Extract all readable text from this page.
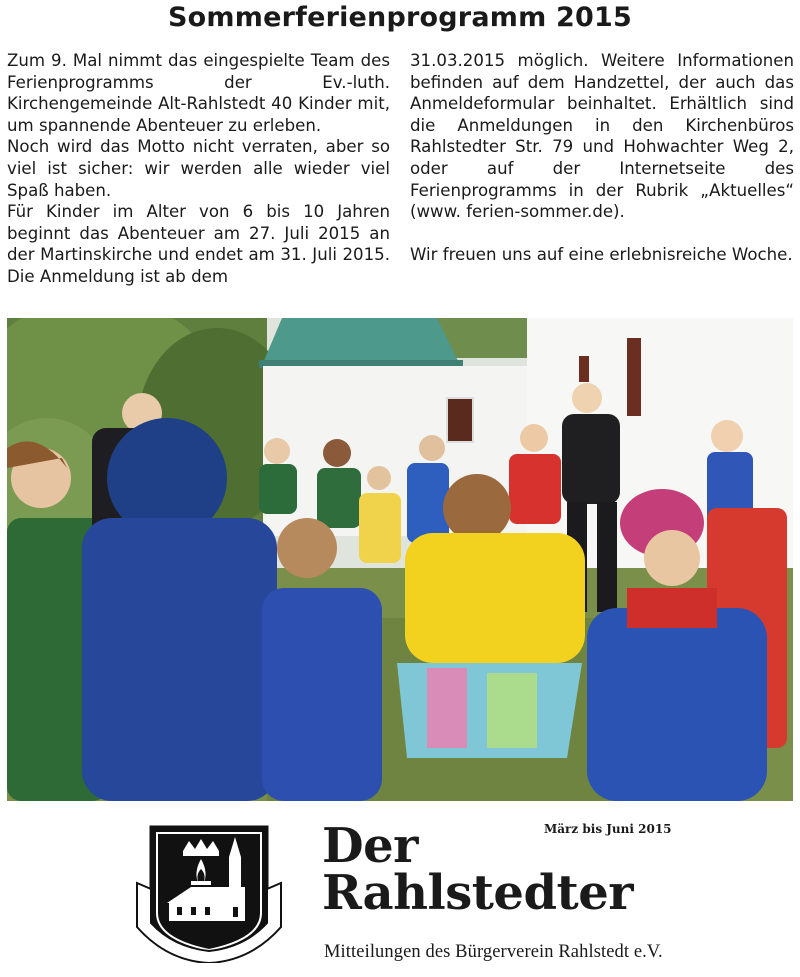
Sommerferienprogramm 2015

Zum 9. Mal nimmt das eingespielte Team des Ferienprogramms der Ev.-luth. Kirchengemeinde Alt-Rahlstedt 40 Kinder mit, um spannende Abenteuer zu erleben.

Noch wird das Motto nicht verraten, aber so viel ist sicher: wir werden alle wieder viel Spaß haben.

Für Kinder im Alter von 6 bis 10 Jahren beginnt das Abenteuer am 27. Juli 2015 an der Martinskirche und endet am 31. Juli 2015. Die Anmeldung ist ab dem

31.03.2015 möglich. Weitere Informationen befinden auf dem Handzettel, der auch das Anmeldeformular beinhaltet. Erhältlich sind die Anmeldungen in den Kirchenbüros Rahlstedter Str. 79 und Hohwachter Weg 2, oder auf der Internetseite des Ferienprogramms in der Rubrik „Aktuelles“ (www. ferien-sommer.de).

Wir freuen uns auf eine erlebnisreiche Woche.

März bis Juni 2015
Der
Rahlstedter
Mitteilungen des Bürgerverein Rahlstedt e.V.
